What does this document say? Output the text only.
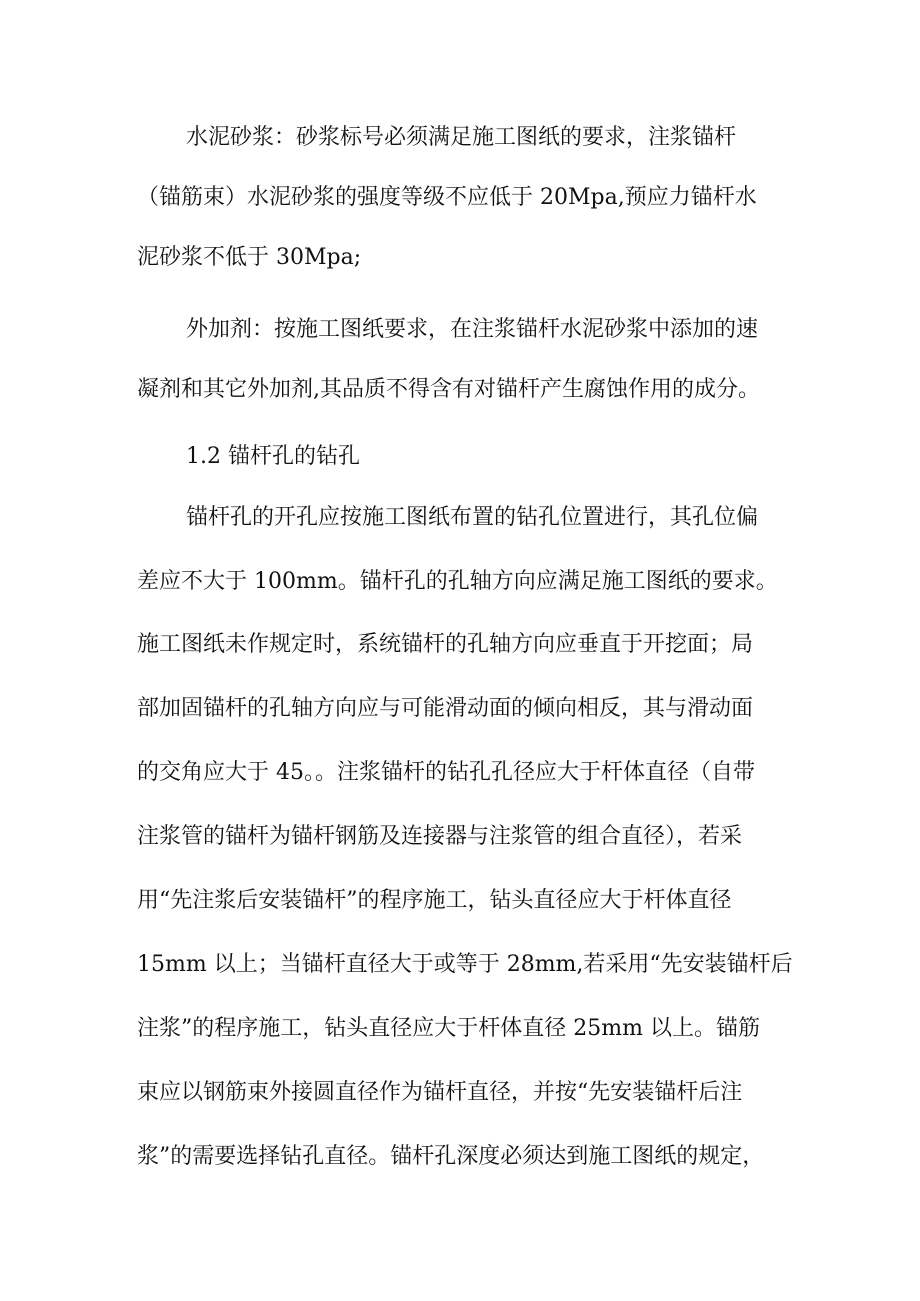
水泥砂浆：砂浆标号必须满足施工图纸的要求，注浆锚杆
（锚筋束）水泥砂浆的强度等级不应低于 20Mpa,预应力锚杆水
泥砂浆不低于 30Mpa;
外加剂：按施工图纸要求，在注浆锚杆水泥砂浆中添加的速
凝剂和其它外加剂,其品质不得含有对锚杆产生腐蚀作用的成分。
1.2 锚杆孔的钻孔
锚杆孔的开孔应按施工图纸布置的钻孔位置进行，其孔位偏
差应不大于 100mm。锚杆孔的孔轴方向应满足施工图纸的要求。
施工图纸未作规定时，系统锚杆的孔轴方向应垂直于开挖面；局
部加固锚杆的孔轴方向应与可能滑动面的倾向相反，其与滑动面
的交角应大于 45。。注浆锚杆的钻孔孔径应大于杆体直径（自带
注浆管的锚杆为锚杆钢筋及连接器与注浆管的组合直径），若采
用“先注浆后安装锚杆”的程序施工，钻头直径应大于杆体直径
15mm 以上；当锚杆直径大于或等于 28mm,若采用“先安装锚杆后
注浆”的程序施工，钻头直径应大于杆体直径 25mm 以上。锚筋
束应以钢筋束外接圆直径作为锚杆直径，并按“先安装锚杆后注
浆”的需要选择钻孔直径。锚杆孔深度必须达到施工图纸的规定，
